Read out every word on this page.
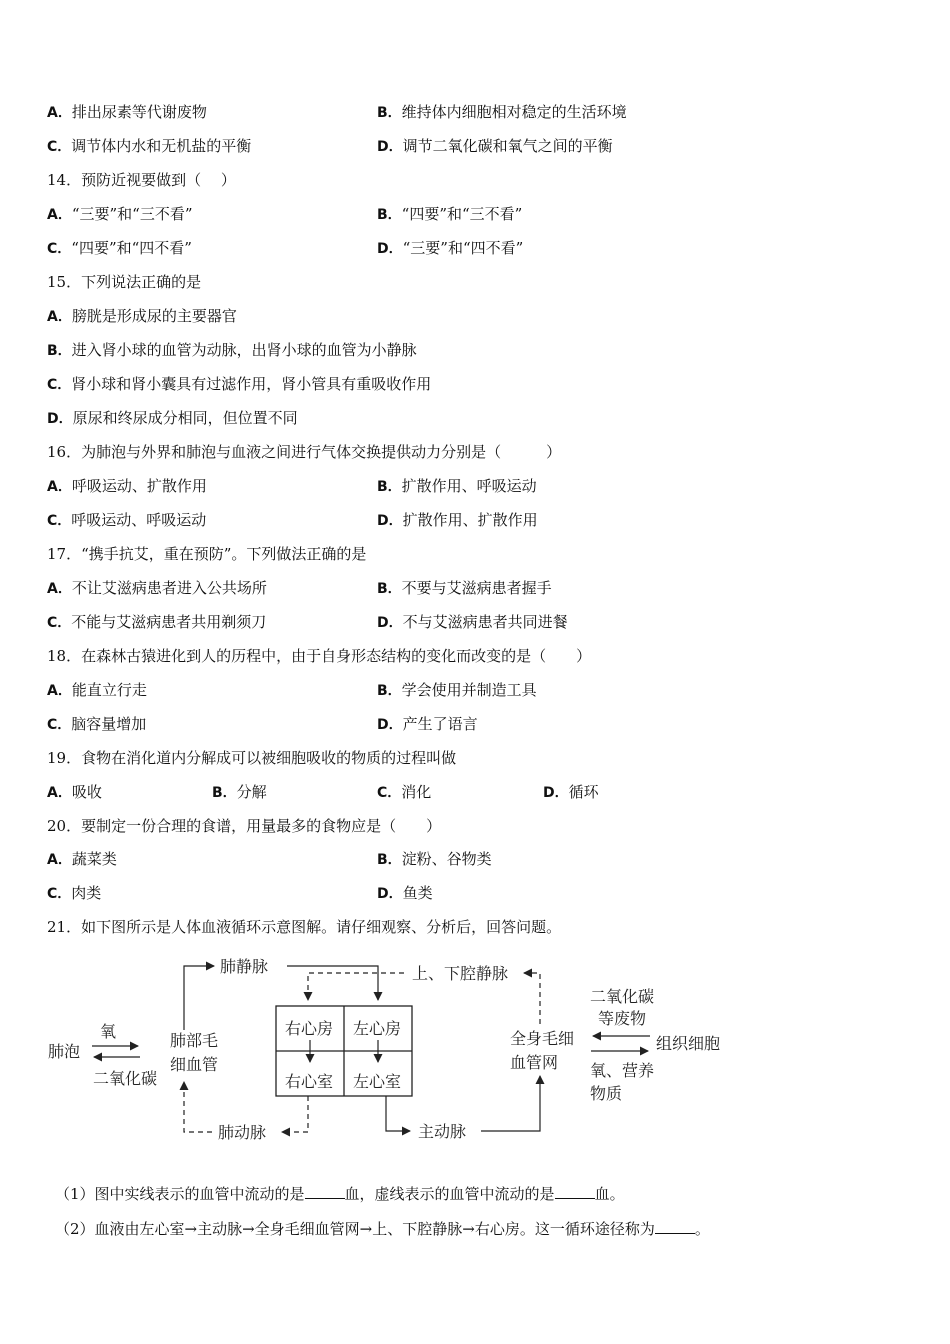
A．排出尿素等代谢废物	B．维持体内细胞相对稳定的生活环境
C．调节体内水和无机盐的平衡	D．调节二氧化碳和氧气之间的平衡
14．预防近视要做到（　 ）
A．“三要”和“三不看”	B．“四要”和“三不看”
C．“四要”和“四不看”	D．“三要”和“四不看”
15．下列说法正确的是
A．膀胱是形成尿的主要器官
B．进入肾小球的血管为动脉，出肾小球的血管为小静脉
C．肾小球和肾小囊具有过滤作用，肾小管具有重吸收作用
D．原尿和终尿成分相同，但位置不同
16．为肺泡与外界和肺泡与血液之间进行气体交换提供动力分别是（　　　）
A．呼吸运动、扩散作用	B．扩散作用、呼吸运动
C．呼吸运动、呼吸运动	D．扩散作用、扩散作用
17．“携手抗艾，重在预防”。下列做法正确的是
A．不让艾滋病患者进入公共场所	B．不要与艾滋病患者握手
C．不能与艾滋病患者共用剃须刀	D．不与艾滋病患者共同进餐
18．在森林古猿进化到人的历程中，由于自身形态结构的变化而改变的是（　　）
A．能直立行走	B．学会使用并制造工具
C．脑容量增加	D．产生了语言
19．食物在消化道内分解成可以被细胞吸收的物质的过程叫做
A．吸收	B．分解	C．消化	D．循环
20．要制定一份合理的食谱，用量最多的食物应是（　　）
A．蔬菜类	B．淀粉、谷物类
C．肉类	D．鱼类
21．如下图所示是人体血液循环示意图解。请仔细观察、分析后，回答问题。
右心房 左心房
右心室 左心室
肺泡
氧
二氧化碳
肺部毛
细血管
肺静脉	上、下腔静脉
肺动脉	主动脉
全身毛细
血管网
二氧化碳
等废物
组织细胞
氧、营养
物质
（1）图中实线表示的血管中流动的是	血，虚线表示的血管中流动的是	血。
（2）血液由左心室→主动脉→全身毛细血管网→上、下腔静脉→右心房。这一循环途径称为	。
